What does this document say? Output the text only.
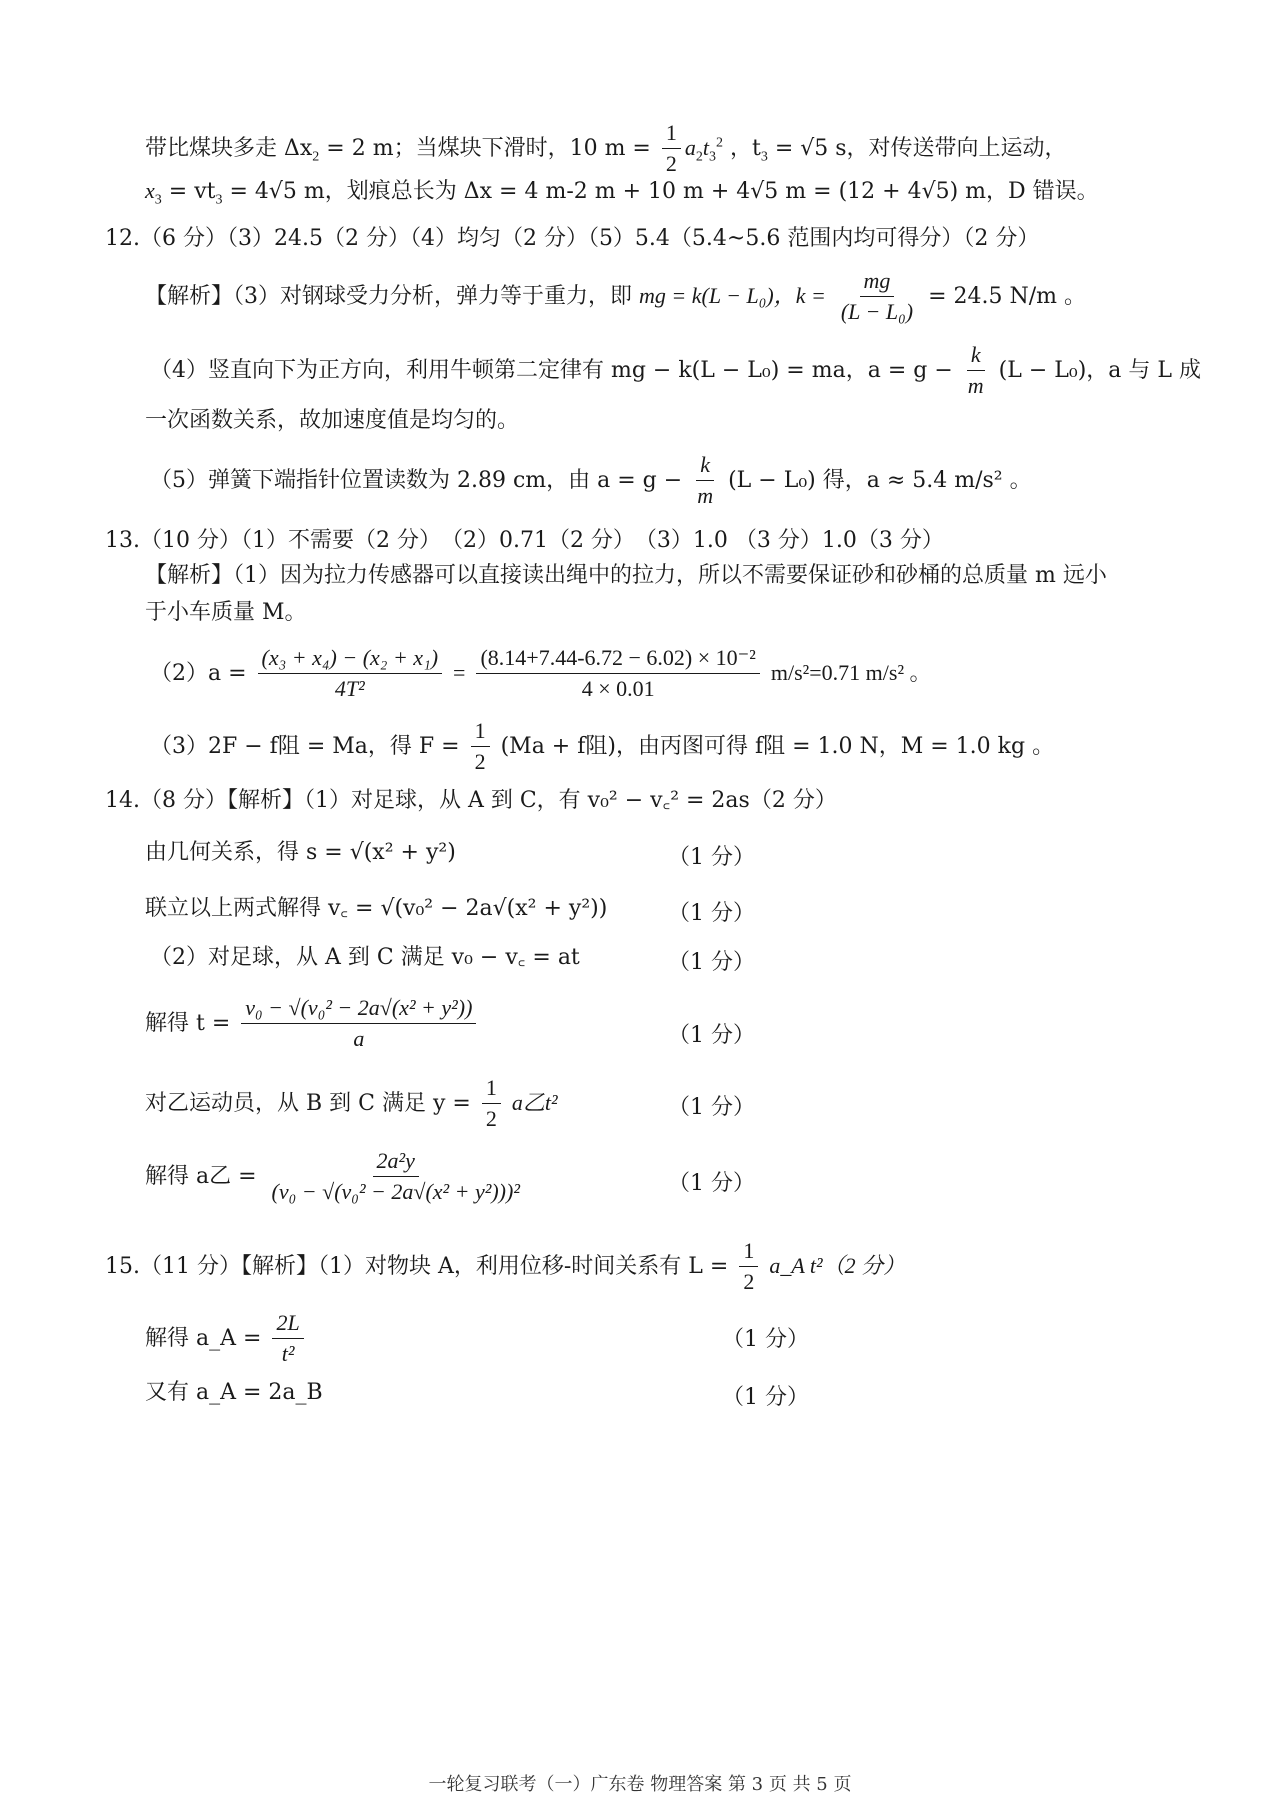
带比煤块多走 $\Delta x_2 = 2$ m；当煤块下滑时，10 $m = \frac{1}{2} a_2t_3^2$ ，$t_3 = √5$ s，对传送带向上运动，
$x_3 = vt_3 = 4√5$ m，划痕总长为 Δx = 4 m-2 m + 10 m + 4√5 m = (12 + 4√5) m，D 错误。
12.（6 分）（3）24.5（2 分）（4）均匀（2 分）（5）5.4（5.4~5.6 范围内均可得分）（2 分）
【解析】（3）对钢球受力分析，弹力等于重力，即 mg = k(L − L₀)，$k = \frac{mg}{\text{(L − L₀)}} = 24.5$ N/m 。
（4）竖直向下为正方向，利用牛顿第二定律有 mg − k(L − L₀) = ma，$a = g - \frac{k}{m} (L - L_0)$，a 与 L 成
一次函数关系，故加速度值是均匀的。
（5）弹簧下端指针位置读数为 2.89 cm，由 $a = g - \frac{k}{m} (L - L_0)$ 得，a ≈ 5.4 m/s² 。
13.（10 分）（1）不需要（2 分）　（2）0.71（2 分）　（3）1.0 （3 分）1.0（3 分）
【解析】（1）因为拉力传感器可以直接读出绳中的拉力，所以不需要保证砂和砂桶的总质量 m 远小
于小车质量 M。
$(2)a = \frac{\text{(x₃ + x₄) − (x₂ + x₁)}}{\text{4T²}} = \frac{\text{(8.14+7.44-6.72 − 6.02) × 10⁻²}}{4 \times 0.01} m/s^2=0.71$ m/s² 。
（3）2F − f阻 = Ma，得 $F = \frac{1}{2} (Ma + f$阻)，由丙图可得 f阻 = 1.0 N，M = 1.0 kg 。
14.（8 分）【解析】（1）对足球，从 A 到 C，有 v₀² − v꜀² = 2as（2 分）
由几何关系，得 s = √(x² + y²)	（1 分）
联立以上两式解得 v꜀ = √(v₀² − 2a√(x² + y²))	（1 分）
（2）对足球，从 A 到 C 满足 v₀ − v꜀ = at	（1 分）
解得 $t = \frac{\text{v₀ − √(v₀² − 2a√(x² + y²))}}{a}$	（1 分）
对乙运动员，从 B 到 C 满足 $y = \frac{1}{2}$ a乙t²	（1 分）
解得 a乙 = $\frac{\text{2a²y}}{\text{(v₀ − √(v₀² − 2a√(x² + y²)))²}}$	（1 分）
15.（11 分）【解析】（1）对物块 A，利用位移-时间关系有 $L = \frac{1}{2}$ a_A t²（2 分）
解得 a_A = $\frac{2L}{\text{t²}}$	（1 分）
又有 a_A = 2a_B	（1 分）
一轮复习联考（一）广东卷 物理答案 第 3 页 共 5 页
